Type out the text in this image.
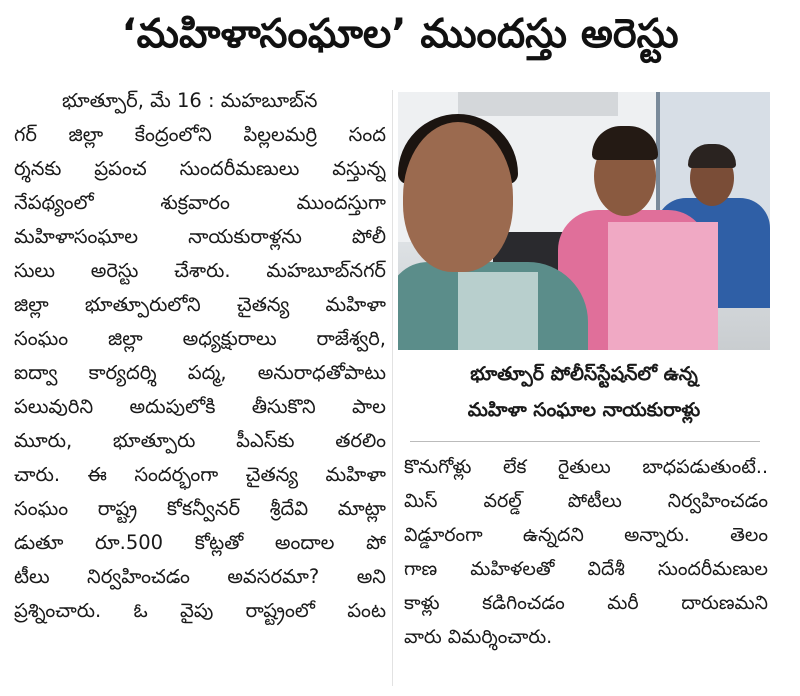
‘మహిళాసంఘాల’ ముందస్తు అరెస్టు
భూత్పూర్, మే 16 : మహబూబ్‌న
గర్ జిల్లా కేంద్రంలోని పిల్లలమర్రి సంద
ర్శనకు ప్రపంచ సుందరీమణులు వస్తున్న
నేపథ్యంలో శుక్రవారం ముందస్తుగా
మహిళాసంఘాల నాయకురాళ్లను పోలీ
సులు అరెస్టు చేశారు. మహబూబ్‌నగర్
జిల్లా భూత్పూరులోని చైతన్య మహిళా
సంఘం జిల్లా అధ్యక్షురాలు రాజేశ్వరి,
ఐద్వా కార్యదర్శి పద్మ, అనురాధతోపాటు
పలువురిని అదుపులోకి తీసుకొని పాల
మూరు, భూత్పూరు పీఎస్‌కు తరలిం
చారు. ఈ సందర్భంగా చైతన్య మహిళా
సంఘం రాష్ట్ర కోకన్వీనర్ శ్రీదేవి మాట్లా
డుతూ రూ.500 కోట్లతో అందాల పో
టీలు నిర్వహించడం అవసరమా? అని
ప్రశ్నించారు. ఓ వైపు రాష్ట్రంలో పంట
భూత్పూర్ పోలీస్‌స్టేషన్‌లో ఉన్న
మహిళా సంఘాల నాయకురాళ్లు
కొనుగోళ్లు లేక రైతులు బాధపడుతుంటే..
మిస్ వరల్డ్ పోటీలు నిర్వహించడం
విడ్డూరంగా ఉన్నదని అన్నారు. తెలం
గాణ మహిళలతో విదేశీ సుందరీమణుల
కాళ్లు కడిగించడం మరీ దారుణమని
వారు విమర్శించారు.
